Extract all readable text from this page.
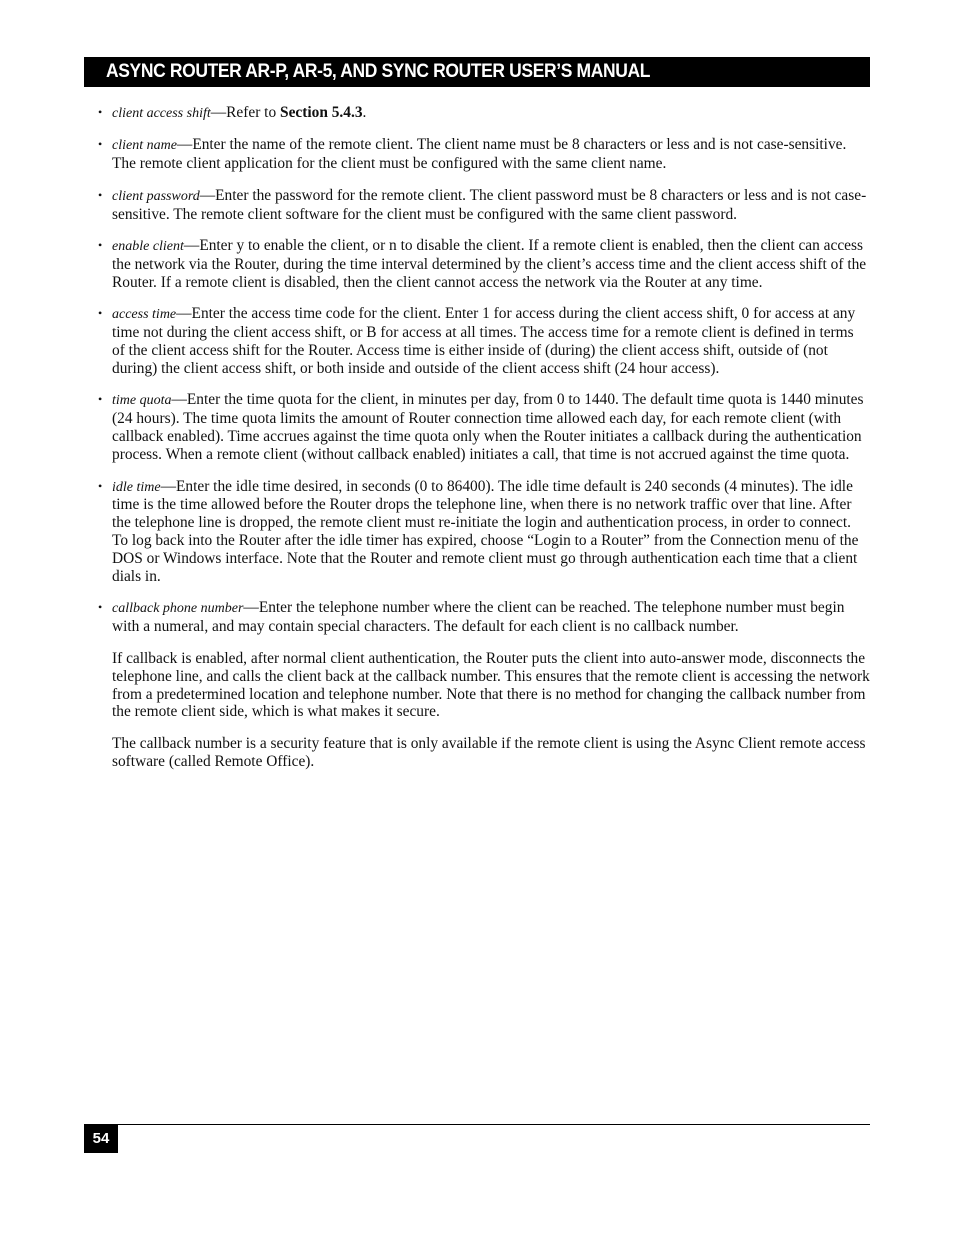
ASYNC ROUTER AR-P, AR-5, AND SYNC ROUTER USER’S MANUAL
• client access shift—Refer to Section 5.4.3.
• client name—Enter the name of the remote client. The client name must be 8 characters or less and is not case-sensitive. The remote client application for the client must be configured with the same client name.
• client password—Enter the password for the remote client. The client password must be 8 characters or less and is not case-sensitive. The remote client software for the client must be configured with the same client password.
• enable client—Enter y to enable the client, or n to disable the client. If a remote client is enabled, then the client can access the network via the Router, during the time interval determined by the client’s access time and the client access shift of the Router. If a remote client is disabled, then the client cannot access the network via the Router at any time.
• access time—Enter the access time code for the client. Enter 1 for access during the client access shift, 0 for access at any time not during the client access shift, or B for access at all times. The access time for a remote client is defined in terms of the client access shift for the Router. Access time is either inside of (during) the client access shift, outside of (not during) the client access shift, or both inside and outside of the client access shift (24 hour access).
• time quota—Enter the time quota for the client, in minutes per day, from 0 to 1440. The default time quota is 1440 minutes (24 hours). The time quota limits the amount of Router connection time allowed each day, for each remote client (with callback enabled). Time accrues against the time quota only when the Router initiates a callback during the authentication process. When a remote client (without callback enabled) initiates a call, that time is not accrued against the time quota.
• idle time—Enter the idle time desired, in seconds (0 to 86400). The idle time default is 240 seconds (4 minutes). The idle time is the time allowed before the Router drops the telephone line, when there is no network traffic over that line. After the telephone line is dropped, the remote client must re-initiate the login and authentication process, in order to connect. To log back into the Router after the idle timer has expired, choose “Login to a Router” from the Connection menu of the DOS or Windows interface. Note that the Router and remote client must go through authentication each time that a client dials in.
• callback phone number—Enter the telephone number where the client can be reached. The telephone number must begin with a numeral, and may contain special characters. The default for each client is no callback number.
If callback is enabled, after normal client authentication, the Router puts the client into auto-answer mode, disconnects the telephone line, and calls the client back at the callback number. This ensures that the remote client is accessing the network from a predetermined location and telephone number. Note that there is no method for changing the callback number from the remote client side, which is what makes it secure.
The callback number is a security feature that is only available if the remote client is using the Async Client remote access software (called Remote Office).
54
